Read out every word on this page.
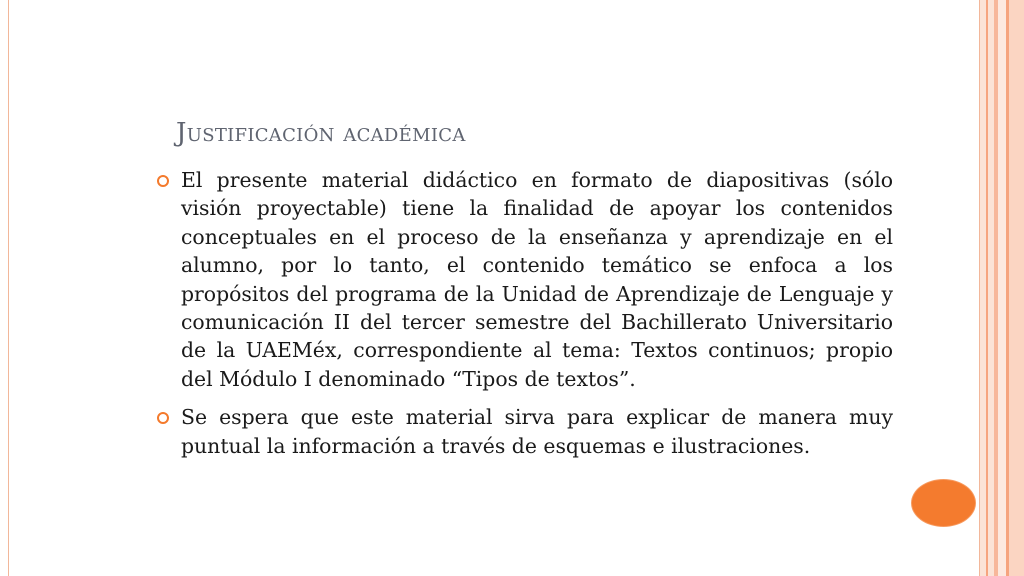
Justificación académica
El presente material didáctico en formato de diapositivas (sólo visión proyectable) tiene la finalidad de apoyar los contenidos conceptuales en el proceso de la enseñanza y aprendizaje en el alumno, por lo tanto, el contenido temático se enfoca a los propósitos del programa de la Unidad de Aprendizaje de Lenguaje y comunicación II del tercer semestre del Bachillerato Universitario de la UAEMéx, correspondiente al tema: Textos continuos; propio del Módulo I denominado “Tipos de textos”.
Se espera que este material sirva para explicar de manera muy puntual la información a través de esquemas e ilustraciones.
